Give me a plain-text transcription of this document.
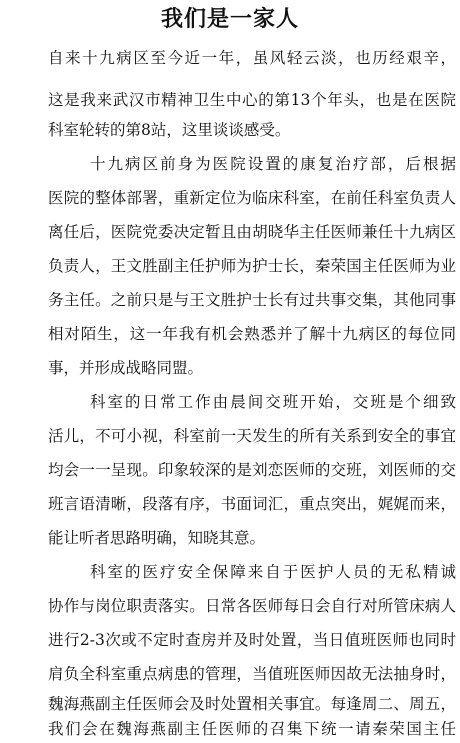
我们是一家人
自来十九病区至今近一年，虽风轻云淡，也历经艰辛，
这是我来武汉市精神卫生中心的第13个年头，也是在医院
科室轮转的第8站，这里谈谈感受。
十九病区前身为医院设置的康复治疗部，后根据
医院的整体部署，重新定位为临床科室，在前任科室负责人
离任后，医院党委决定暂且由胡晓华主任医师兼任十九病区
负责人，王文胜副主任护师为护士长，秦荣国主任医师为业
务主任。之前只是与王文胜护士长有过共事交集，其他同事
相对陌生，这一年我有机会熟悉并了解十九病区的每位同
事，并形成战略同盟。
科室的日常工作由晨间交班开始，交班是个细致
活儿，不可小视，科室前一天发生的所有关系到安全的事宜
均会一一呈现。印象较深的是刘恋医师的交班，刘医师的交
班言语清晰，段落有序，书面词汇，重点突出，娓娓而来，
能让听者思路明确，知晓其意。
科室的医疗安全保障来自于医护人员的无私精诚
协作与岗位职责落实。日常各医师每日会自行对所管床病人
进行2-3次或不定时查房并及时处置，当日值班医师也同时
肩负全科室重点病患的管理，当值班医师因故无法抽身时，
魏海燕副主任医师会及时处置相关事宜。每逢周二、周五，
我们会在魏海燕副主任医师的召集下统一请秦荣国主任
